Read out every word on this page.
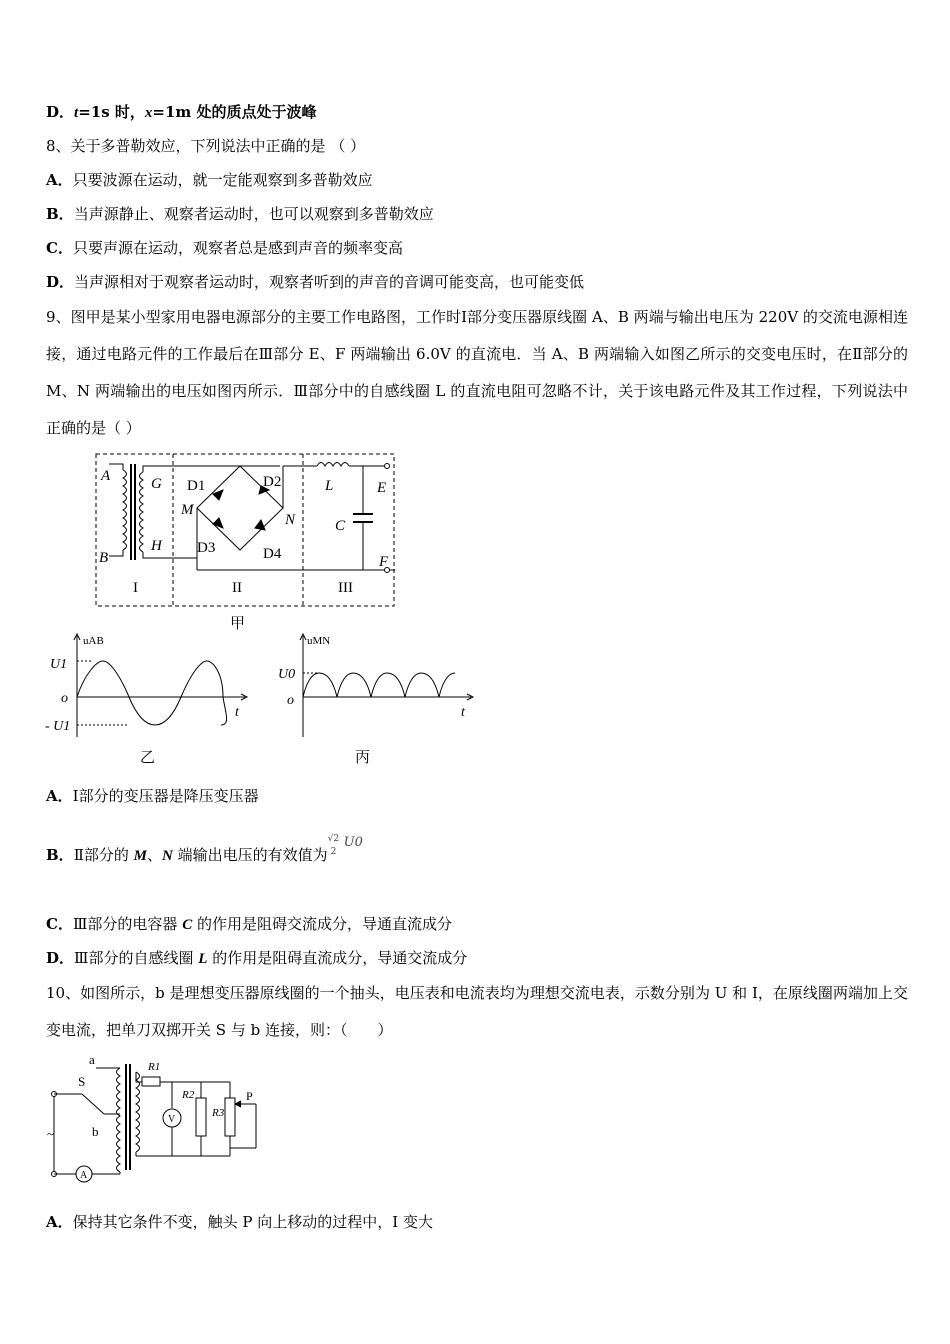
D．t=1s 时，x=1m 处的质点处于波峰
8、关于多普勒效应，下列说法中正确的是 （ ）
A．只要波源在运动，就一定能观察到多普勒效应
B．当声源静止、观察者运动时，也可以观察到多普勒效应
C．只要声源在运动，观察者总是感到声音的频率变高
D．当声源相对于观察者运动时，观察者听到的声音的音调可能变高，也可能变低
9、图甲是某小型家用电器电源部分的主要工作电路图，工作时Ⅰ部分变压器原线圈 A、B 两端与输出电压为 220V 的交流电源相连接，通过电路元件的工作最后在Ⅲ部分 E、F 两端输出 6.0V 的直流电．当 A、B 两端输入如图乙所示的交变电压时，在Ⅱ部分的 M、N 两端输出的电压如图丙所示．Ⅲ部分中的自感线圈 L 的直流电阻可忽略不计，关于该电路元件及其工作过程，下列说法中正确的是（ ）
A
B
G
H
D1	D2
D3	D4
M
N
L
C
E
F
I	II	III
甲
uAB
U1
o
t
- U1
乙
uMN
U0
o
t
丙
A．Ⅰ部分的变压器是降压变压器
B．Ⅱ部分的 M、N 端输出电压的有效值为
√2
2
U0
C．Ⅲ部分的电容器 C 的作用是阻碍交流成分，导通直流成分
D．Ⅲ部分的自感线圈 L 的作用是阻碍直流成分，导通交流成分
10、如图所示，b 是理想变压器原线圈的一个抽头，电压表和电流表均为理想交流电表，示数分别为 U 和 I，在原线圈两端加上交变电流，把单刀双掷开关 S 与 b 连接，则：（　　）
a
S
b
~
A
V
R1
R2
R3
P
A．保持其它条件不变，触头 P 向上移动的过程中，I 变大
